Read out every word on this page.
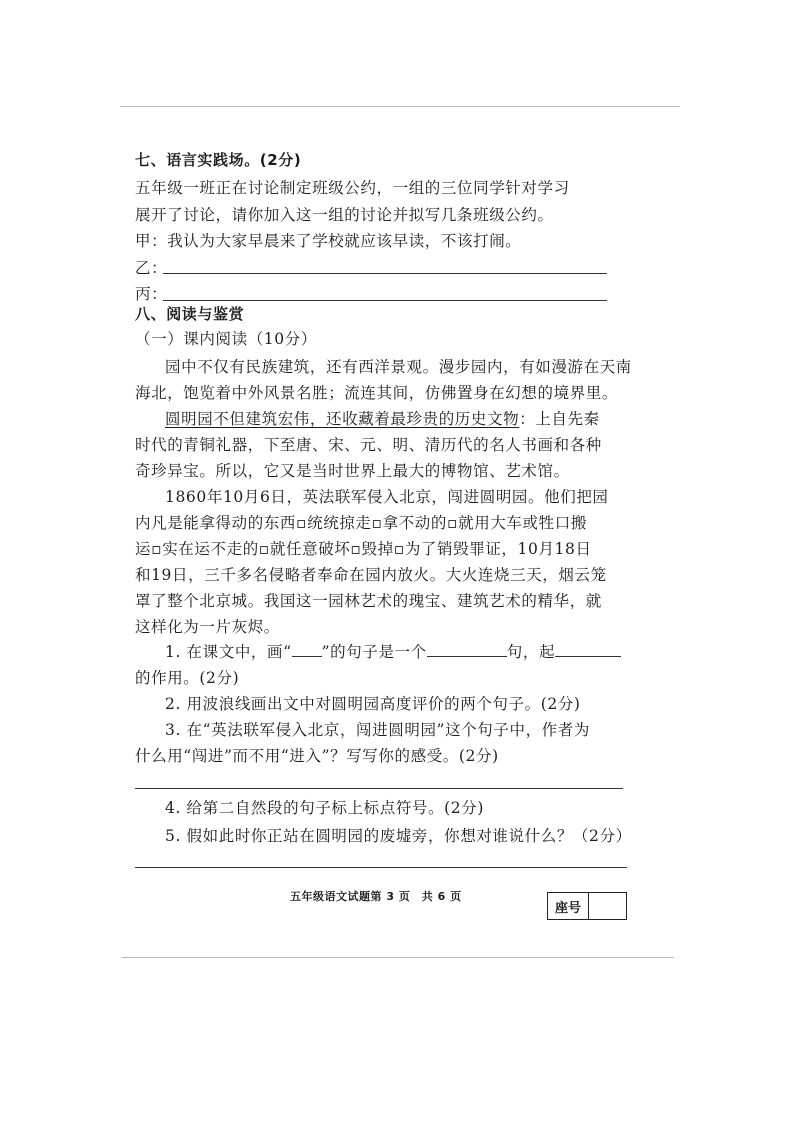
七、语言实践场。(2分)
五年级一班正在讨论制定班级公约，一组的三位同学针对学习
展开了讨论，请你加入这一组的讨论并拟写几条班级公约。
甲：我认为大家早晨来了学校就应该早读，不该打闹。
乙：
丙：
八、阅读与鉴赏
（一）课内阅读（10分）
园中不仅有民族建筑，还有西洋景观。漫步园内，有如漫游在天南
海北，饱览着中外风景名胜；流连其间，仿佛置身在幻想的境界里。
圆明园不但建筑宏伟，还收藏着最珍贵的历史文物：上自先秦
时代的青铜礼器，下至唐、宋、元、明、清历代的名人书画和各种
奇珍异宝。所以，它又是当时世界上最大的博物馆、艺术馆。
1860年10月6日，英法联军侵入北京，闯进圆明园。他们把园
内凡是能拿得动的东西▫统统掠走▫拿不动的▫就用大车或牲口搬
运▫实在运不走的▫就任意破坏▫毁掉▫为了销毁罪证，10月18日
和19日，三千多名侵略者奉命在园内放火。大火连烧三天，烟云笼
罩了整个北京城。我国这一园林艺术的瑰宝、建筑艺术的精华，就
这样化为一片灰烬。
1. 在课文中，画“ ”的句子是一个	句，起
的作用。(2分)
2. 用波浪线画出文中对圆明园高度评价的两个句子。(2分)
3. 在“英法联军侵入北京，闯进圆明园”这个句子中，作者为
什么用“闯进”而不用“进入”？写写你的感受。(2分)
4. 给第二自然段的句子标上标点符号。(2分)
5. 假如此时你正站在圆明园的废墟旁，你想对谁说什么？（2分）
五年级语文试题第 3 页　共 6 页
座号
